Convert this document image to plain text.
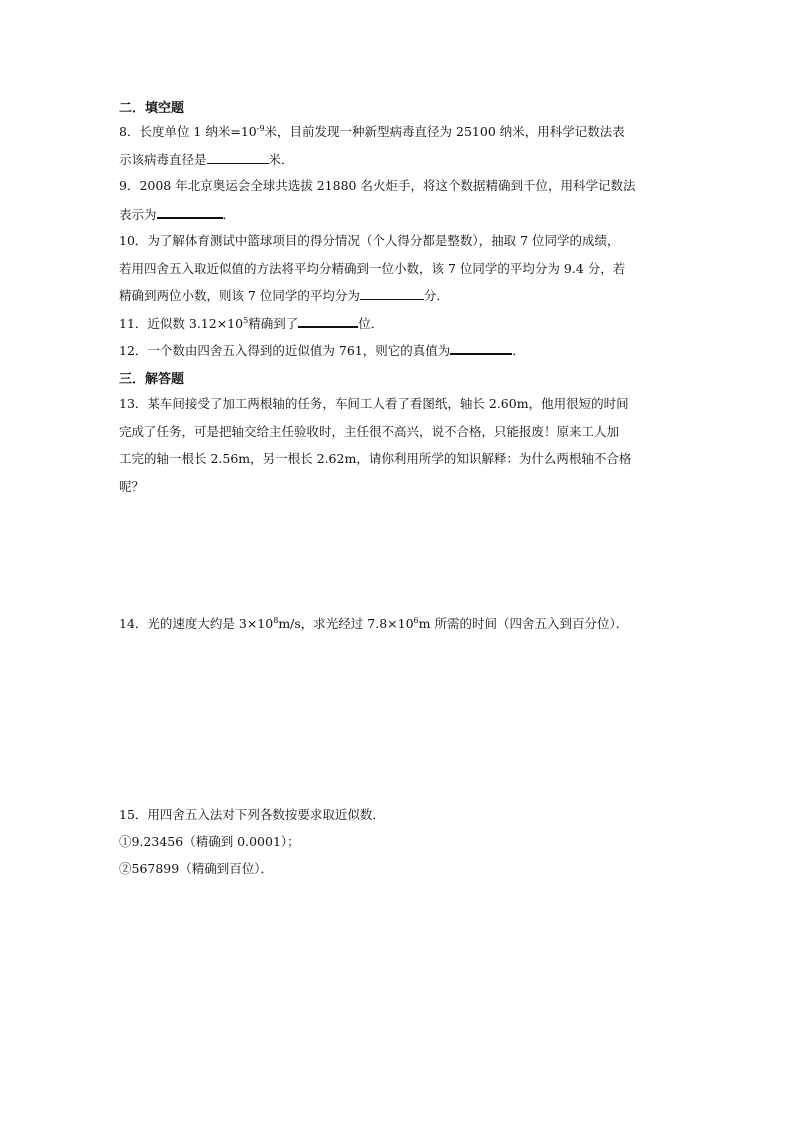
二．填空题
8．长度单位 1 纳米$=10^{-9}$米，目前发现一种新型病毒直径为 25100 纳米，用科学记数法表
示该病毒直径是	米．
9．2008 年北京奥运会全球共选拔 21880 名火炬手，将这个数据精确到千位，用科学记数法
表示为	．
10．为了解体育测试中篮球项目的得分情况（个人得分都是整数），抽取 7 位同学的成绩，
若用四舍五入取近似值的方法将平均分精确到一位小数，该 7 位同学的平均分为 9.4 分，若
精确到两位小数，则该 7 位同学的平均分为	分．
11．近似数 $3.12\times 10^5$精确到了	位．
12．一个数由四舍五入得到的近似值为 761，则它的真值为	．
三．解答题
13．某车间接受了加工两根轴的任务，车间工人看了看图纸，轴长 2.60m，他用很短的时间
完成了任务，可是把轴交给主任验收时，主任很不高兴，说不合格，只能报废！原来工人加
工完的轴一根长 2.56m，另一根长 2.62m，请你利用所学的知识解释：为什么两根轴不合格
呢？
14．光的速度大约是 $3\times 10^8m/s$，求光经过 $7.8\times 10^6m$ 所需的时间（四舍五入到百分位）．
15．用四舍五入法对下列各数按要求取近似数．
①9.23456（精确到 0.0001）；
②567899（精确到百位）．
